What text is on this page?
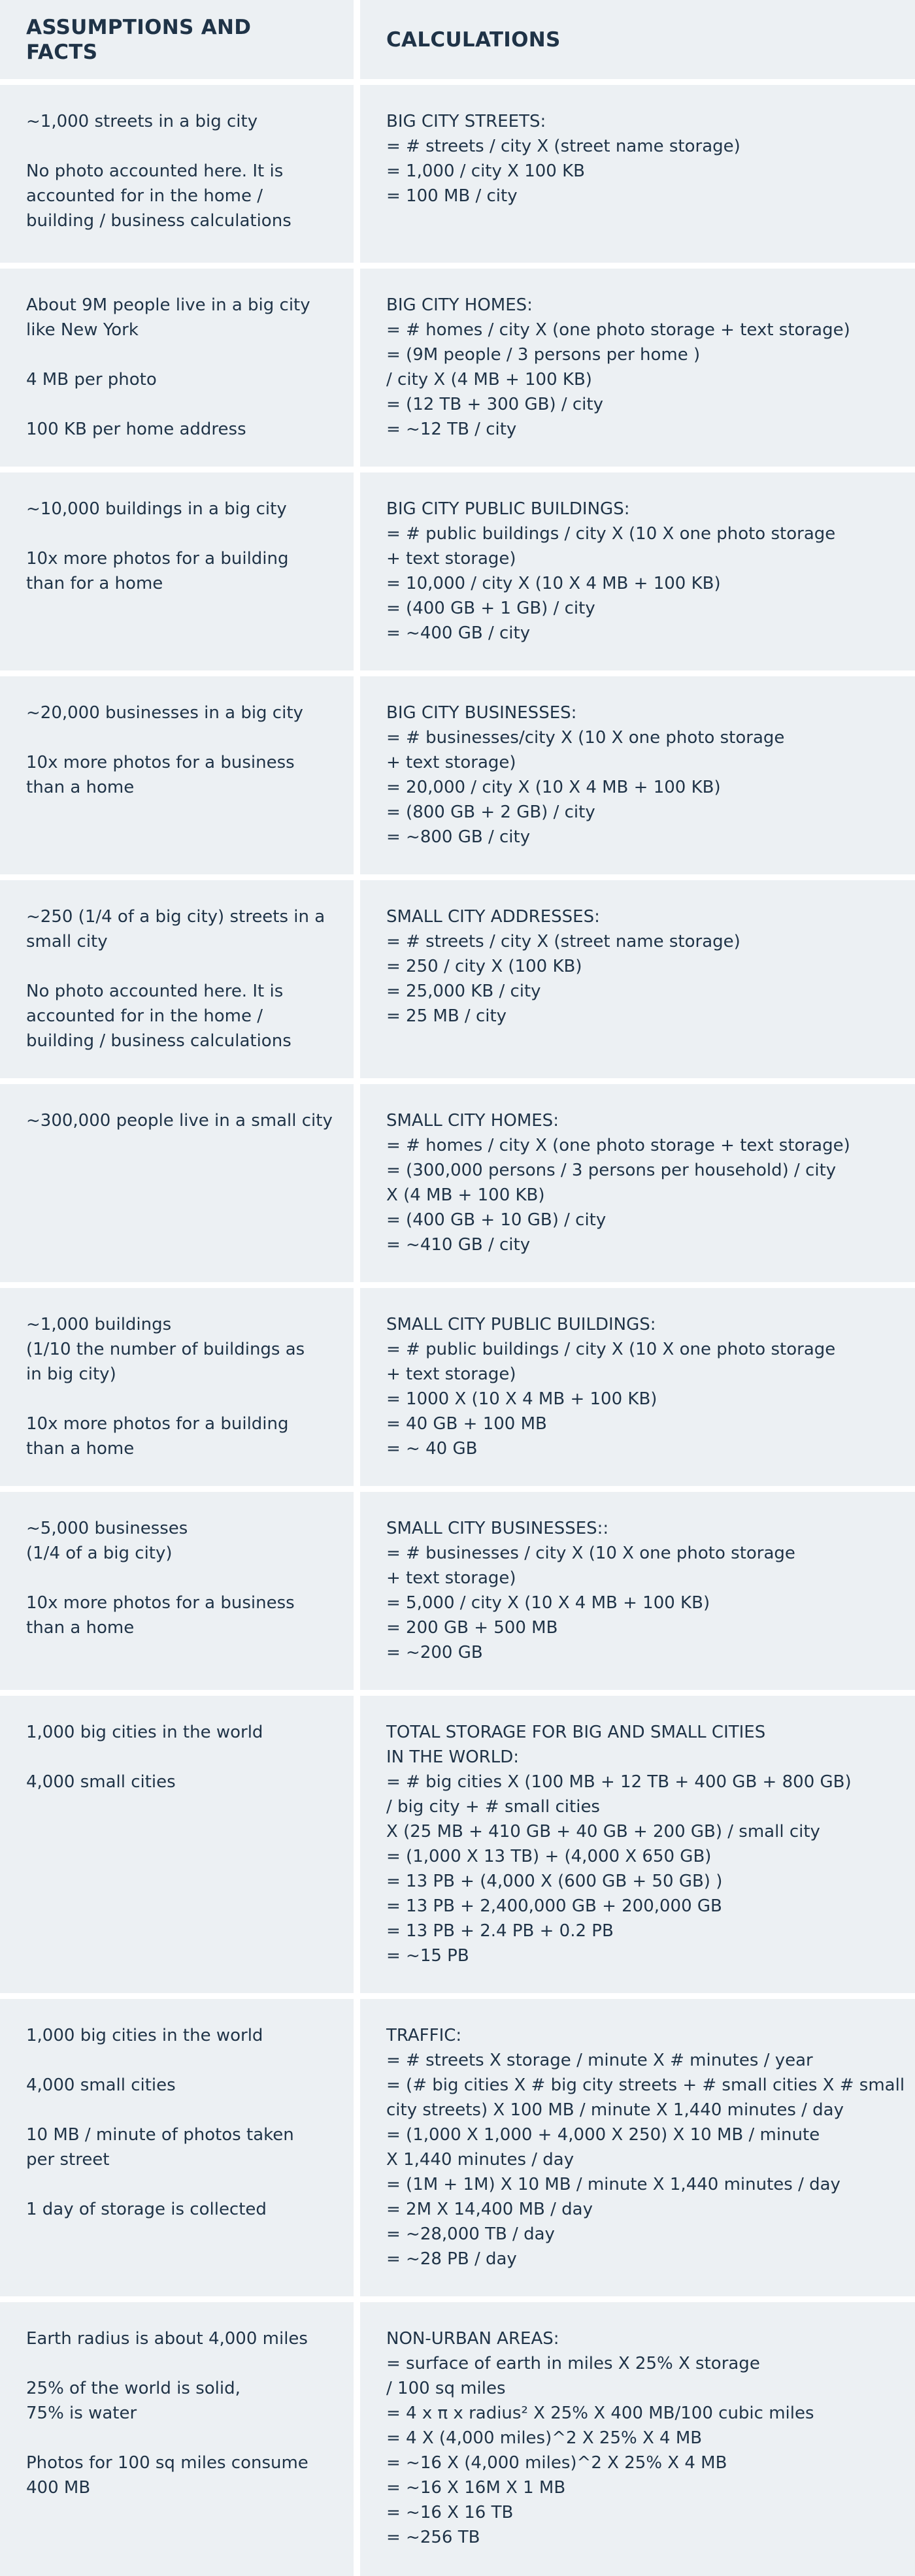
ASSUMPTIONS AND FACTS
CALCULATIONS
~1,000 streets in a big city
No photo accounted here. It is
accounted for in the home /
building / business calculations
BIG CITY STREETS:
= # streets / city X (street name storage)
= 1,000 / city X 100 KB
= 100 MB / city
About 9M people live in a big city
like New York
4 MB per photo
100 KB per home address
BIG CITY HOMES:
= # homes / city X (one photo storage + text storage)
= (9M people / 3 persons per home )
/ city X (4 MB + 100 KB)
= (12 TB + 300 GB) / city
= ~12 TB / city
~10,000 buildings in a big city
10x more photos for a building
than for a home
BIG CITY PUBLIC BUILDINGS:
= # public buildings / city X (10 X one photo storage
+ text storage)
= 10,000 / city X (10 X 4 MB + 100 KB)
= (400 GB + 1 GB) / city
= ~400 GB / city
~20,000 businesses in a big city
10x more photos for a business
than a home
BIG CITY BUSINESSES:
= # businesses/city X (10 X one photo storage
+ text storage)
= 20,000 / city X (10 X 4 MB + 100 KB)
= (800 GB + 2 GB) / city
= ~800 GB / city
~250 (1/4 of a big city) streets in a
small city
No photo accounted here. It is
accounted for in the home /
building / business calculations
SMALL CITY ADDRESSES:
= # streets / city X (street name storage)
= 250 / city X (100 KB)
= 25,000 KB / city
= 25 MB / city
~300,000 people live in a small city	SMALL CITY HOMES:
= # homes / city X (one photo storage + text storage)
= (300,000 persons / 3 persons per household) / city
X (4 MB + 100 KB)
= (400 GB + 10 GB) / city
= ~410 GB / city
~1,000 buildings
(1/10 the number of buildings as
in big city)
10x more photos for a building
than a home
SMALL CITY PUBLIC BUILDINGS:
= # public buildings / city X (10 X one photo storage
+ text storage)
= 1000 X (10 X 4 MB + 100 KB)
= 40 GB + 100 MB
= ~ 40 GB
~5,000 businesses
(1/4 of a big city)
10x more photos for a business
than a home
SMALL CITY BUSINESSES::
= # businesses / city X (10 X one photo storage
+ text storage)
= 5,000 / city X (10 X 4 MB + 100 KB)
= 200 GB + 500 MB
= ~200 GB
1,000 big cities in the world
4,000 small cities
TOTAL STORAGE FOR BIG AND SMALL CITIES
IN THE WORLD:
= # big cities X (100 MB + 12 TB + 400 GB + 800 GB)
/ big city + # small cities
X (25 MB + 410 GB + 40 GB + 200 GB) / small city
= (1,000 X 13 TB) + (4,000 X 650 GB)
= 13 PB + (4,000 X (600 GB + 50 GB) )
= 13 PB + 2,400,000 GB + 200,000 GB
= 13 PB + 2.4 PB + 0.2 PB
= ~15 PB
1,000 big cities in the world
4,000 small cities
10 MB / minute of photos taken
per street
1 day of storage is collected
TRAFFIC:
= # streets X storage / minute X # minutes / year
= (# big cities X # big city streets + # small cities X # small
city streets) X 100 MB / minute X 1,440 minutes / day
= (1,000 X 1,000 + 4,000 X 250) X 10 MB / minute
X 1,440 minutes / day
= (1M + 1M) X 10 MB / minute X 1,440 minutes / day
= 2M X 14,400 MB / day
= ~28,000 TB / day
= ~28 PB / day
Earth radius is about 4,000 miles
25% of the world is solid,
75% is water
Photos for 100 sq miles consume
400 MB
NON-URBAN AREAS:
= surface of earth in miles X 25% X storage
/ 100 sq miles
= 4 x π x radius² X 25% X 400 MB/100 cubic miles
= 4 X (4,000 miles)^2 X 25% X 4 MB
= ~16 X (4,000 miles)^2 X 25% X 4 MB
= ~16 X 16M X 1 MB
= ~16 X 16 TB
= ~256 TB
